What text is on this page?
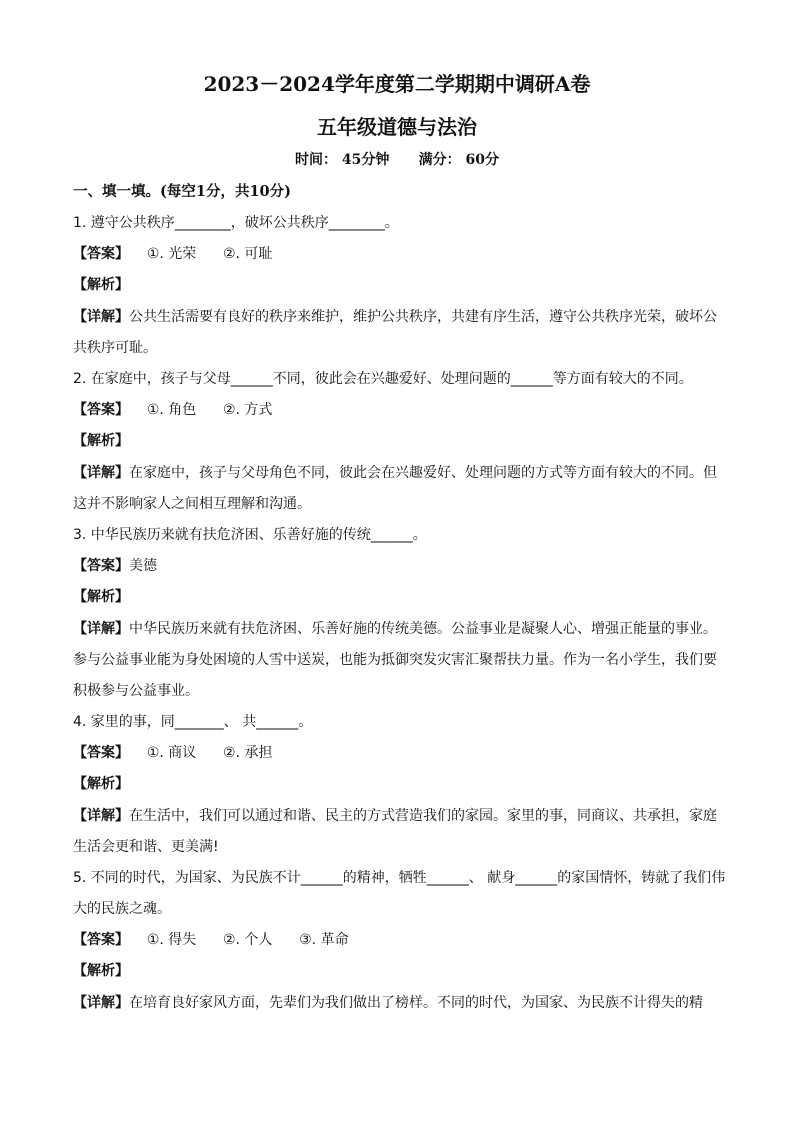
2023－2024学年度第二学期期中调研A卷
五年级道德与法治
时间： 45分钟 满分： 60分
一、填一填。(每空1分，共10分)
1. 遵守公共秩序________，破坏公共秩序________。
【答案】 ①. 光荣      ②. 可耻
【解析】
【详解】公共生活需要有良好的秩序来维护，维护公共秩序，共建有序生活，遵守公共秩序光荣，破坏公
共秩序可耻。
2. 在家庭中，孩子与父母______不同，彼此会在兴趣爱好、处理问题的______等方面有较大的不同。
【答案】 ①. 角色      ②. 方式
【解析】
【详解】在家庭中，孩子与父母角色不同，彼此会在兴趣爱好、处理问题的方式等方面有较大的不同。但
这并不影响家人之间相互理解和沟通。
3. 中华民族历来就有扶危济困、乐善好施的传统______。
【答案】美德
【解析】
【详解】中华民族历来就有扶危济困、乐善好施的传统美德。公益事业是凝聚人心、增强正能量的事业。
参与公益事业能为身处困境的人雪中送炭，也能为抵御突发灾害汇聚帮扶力量。作为一名小学生，我们要
积极参与公益事业。
4. 家里的事，同_______、 共______。
【答案】 ①. 商议      ②. 承担
【解析】
【详解】在生活中，我们可以通过和谐、民主的方式营造我们的家园。家里的事，同商议、共承担，家庭
生活会更和谐、更美满!
5. 不同的时代，为国家、为民族不计______的精神，牺牲______、 献身______的家国情怀，铸就了我们伟
大的民族之魂。
【答案】 ①. 得失      ②. 个人      ③. 革命
【解析】
【详解】在培育良好家风方面，先辈们为我们做出了榜样。不同的时代，为国家、为民族不计得失的精
